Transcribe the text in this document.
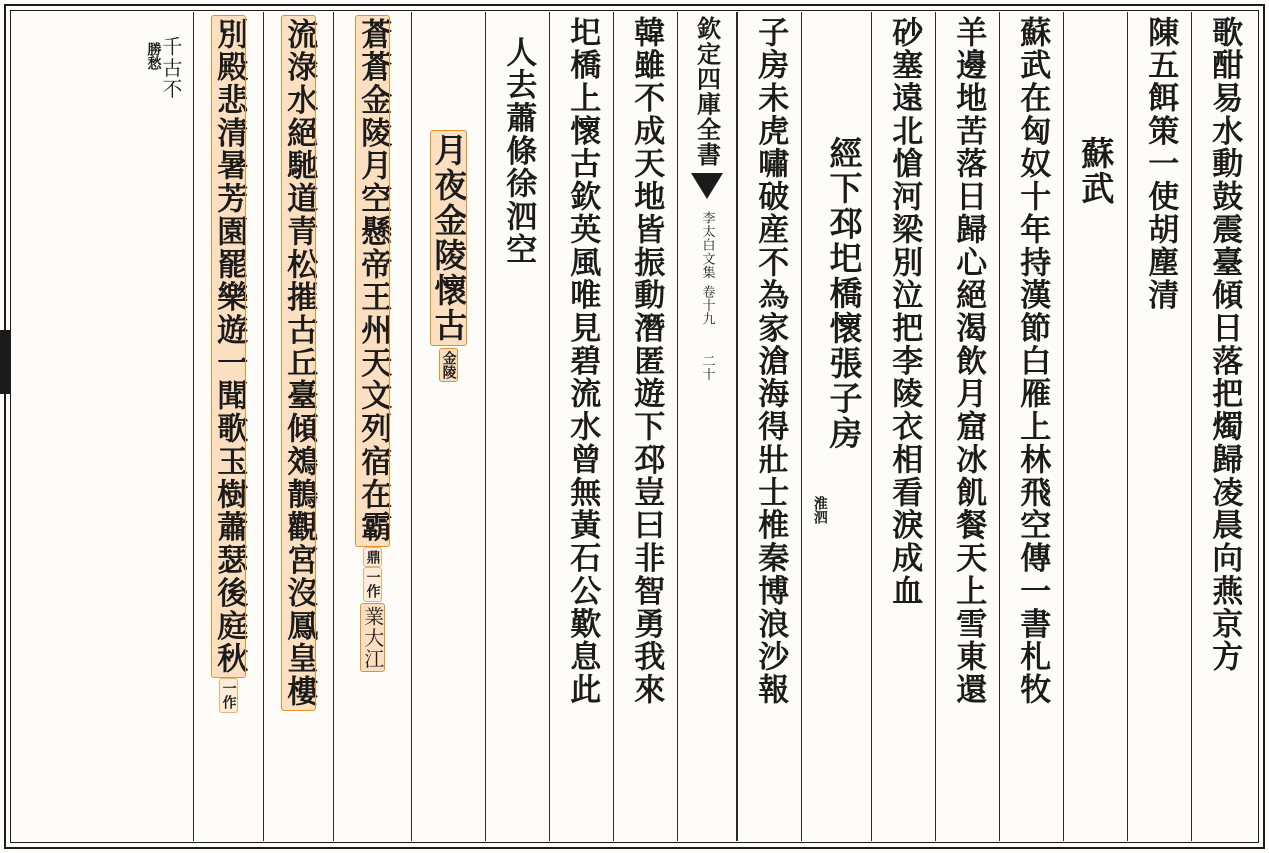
歌酣易水動鼓震臺傾日落把燭歸凌晨向燕京方
陳五餌策一使胡塵清
蘇武
蘇武在匈奴十年持漢節白雁上林飛空傳一書札牧
羊邊地苦落日歸心絕渴飲月窟冰飢餐天上雪東還
砂塞遠北愴河梁別泣把李陵衣相看淚成血
經下邳圯橋懷張子房
淮泗
子房未虎嘯破産不為家滄海得壯士椎秦博浪沙報
欽定四庫全書
李太白文集
卷十九
二十
韓雖不成天地皆振動潛匿遊下邳豈曰非智勇我來
圯橋上懷古欽英風唯見碧流水曾無黃石公歎息此
人去蕭條徐泗空
月夜金陵懷古
金陵
蒼蒼金陵月空懸帝王州天文列宿在霸
鼎
一作
業大江
流淥水絕馳道青松摧古丘臺傾鵁鶄觀宮沒鳳皇樓
別殿悲清暑芳園罷樂遊一聞歌玉樹蕭瑟後庭秋
一作
千古不
勝愁
